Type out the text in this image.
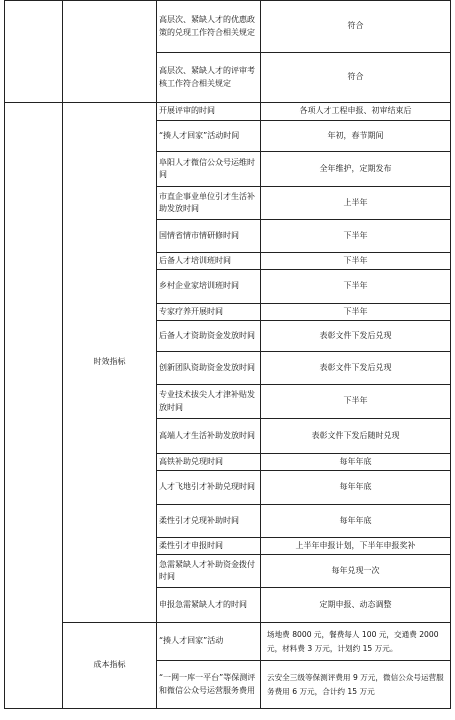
		高层次、紧缺人才的优惠政策的兑现工作符合相关规定	符合
		高层次、紧缺人才的评审考核工作符合相关规定	符合
	时效指标	开展评审的时间	各项人才工程申报、初审结束后
		“揍人才回家”活动时间	年初，春节期间
		阜阳人才微信公众号运维时间	全年维护，定期发布
		市直企事业单位引才生活补助发放时间	上半年
		国情省情市情研修时间	下半年
		后备人才培训班时间	下半年
		乡村企业家培训班时间	下半年
		专家疗养开展时间	下半年
		后备人才资助资金发放时间	表彰文件下发后兑现
		创新团队资助资金发放时间	表彰文件下发后兑现
		专业技术拔尖人才津补贴发放时间	下半年
		高端人才生活补助发放时间	表彰文件下发后随时兑现
		高铁补助兑现时间	每年年底
		人才飞地引才补助兑现时间	每年年底
		柔性引才兑现补助时间	每年年底
		柔性引才申报时间	上半年申报计划，下半年申报奖补
		急需紧缺人才补助资金拨付时间	每年兑现一次
		申报急需紧缺人才的时间	定期申报、动态调整
	成本指标	“揍人才回家”活动	场地费 8000 元，餐费每人 100 元，交通费 2000 元，材料费 3 万元，计划约 15 万元。
		“一网一库一平台”等保测评和微信公众号运营服务费用	云安全三级等保测评费用 9 万元，微信公众号运营服务费用 6 万元，合计约 15 万元
